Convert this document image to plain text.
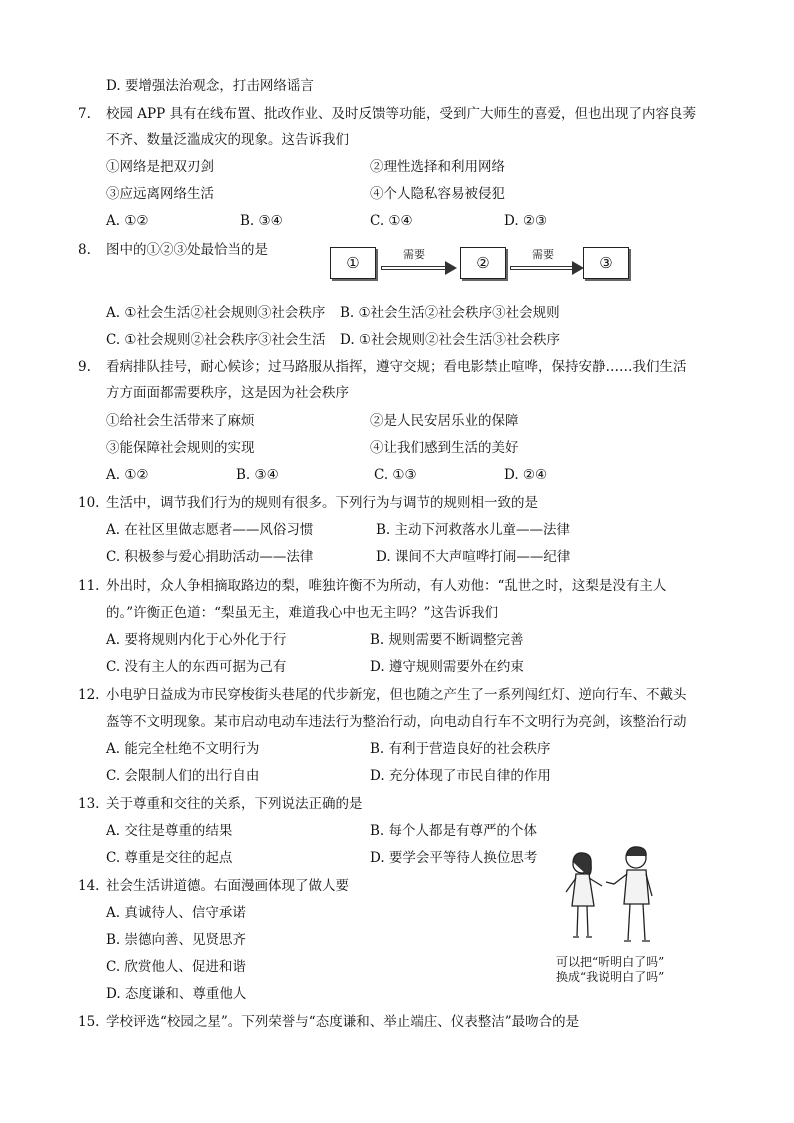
D. 要增强法治观念，打击网络谣言
7. 校园 APP 具有在线布置、批改作业、及时反馈等功能，受到广大师生的喜爱，但也出现了内容良莠
不齐、数量泛滥成灾的现象。这告诉我们
①网络是把双刃剑	②理性选择和利用网络
③应远离网络生活	④个人隐私容易被侵犯
A. ①②	B. ③④	C. ①④	D. ②③
8. 图中的①②③处最恰当的是
①	需要	②	需要	③
A. ①社会生活②社会规则③社会秩序 B. ①社会生活②社会秩序③社会规则
C. ①社会规则②社会秩序③社会生活 D. ①社会规则②社会生活③社会秩序
9. 看病排队挂号，耐心候诊；过马路服从指挥，遵守交规；看电影禁止喧哗，保持安静……我们生活
方方面面都需要秩序，这是因为社会秩序
①给社会生活带来了麻烦	②是人民安居乐业的保障
③能保障社会规则的实现	④让我们感到生活的美好
A. ①②	B. ③④	C. ①③	D. ②④
10. 生活中，调节我们行为的规则有很多。下列行为与调节的规则相一致的是
A. 在社区里做志愿者——风俗习惯	B. 主动下河救落水儿童——法律
C. 积极参与爱心捐助活动——法律	D. 课间不大声喧哗打闹——纪律
11. 外出时，众人争相摘取路边的梨，唯独许衡不为所动，有人劝他：“乱世之时，这梨是没有主人
的。”许衡正色道：“梨虽无主，难道我心中也无主吗？”这告诉我们
A. 要将规则内化于心外化于行	B. 规则需要不断调整完善
C. 没有主人的东西可据为己有	D. 遵守规则需要外在约束
12. 小电驴日益成为市民穿梭街头巷尾的代步新宠，但也随之产生了一系列闯红灯、逆向行车、不戴头
盔等不文明现象。某市启动电动车违法行为整治行动，向电动自行车不文明行为亮剑，该整治行动
A. 能完全杜绝不文明行为	B. 有利于营造良好的社会秩序
C. 会限制人们的出行自由	D. 充分体现了市民自律的作用
13. 关于尊重和交往的关系，下列说法正确的是
A. 交往是尊重的结果	B. 每个人都是有尊严的个体
C. 尊重是交往的起点	D. 要学会平等待人换位思考
14. 社会生活讲道德。右面漫画体现了做人要
A. 真诚待人、信守承诺
B. 崇德向善、见贤思齐
C. 欣赏他人、促进和谐
D. 态度谦和、尊重他人
可以把“听明白了吗”
换成“我说明白了吗”
15. 学校评选“校园之星”。下列荣誉与“态度谦和、举止端庄、仪表整洁”最吻合的是
